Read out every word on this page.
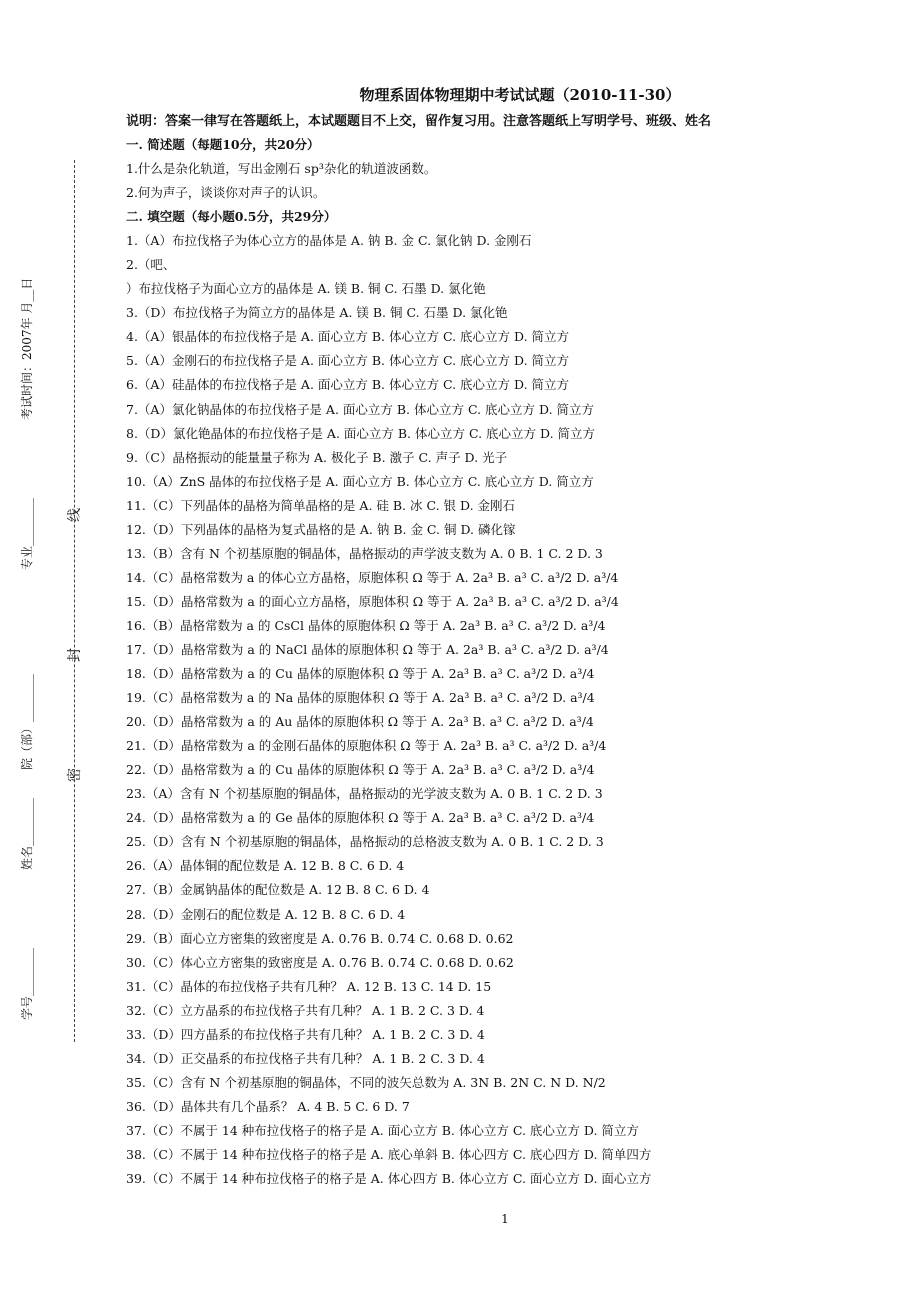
物理系固体物理期中考试试题（2010-11-30）
说明：答案一律写在答题纸上，本试题题目不上交，留作复习用。注意答题纸上写明学号、班级、姓名
考试时间：2007年 月__日
专业________
院（部）________
姓名________
学号________
线
封
密
一. 简述题（每题10分，共20分）
1.什么是杂化轨道，写出金刚石 sp³杂化的轨道波函数。
2.何为声子，谈谈你对声子的认识。
二. 填空题（每小题0.5分，共29分）
1.（A）布拉伐格子为体心立方的晶体是 A. 钠 B. 金 C. 氯化钠 D. 金刚石
2.（吧、
）布拉伐格子为面心立方的晶体是 A. 镁 B. 铜 C. 石墨 D. 氯化铯
3.（D）布拉伐格子为简立方的晶体是 A. 镁 B. 铜 C. 石墨 D. 氯化铯
4.（A）银晶体的布拉伐格子是 A. 面心立方 B. 体心立方 C. 底心立方 D. 简立方
5.（A）金刚石的布拉伐格子是 A. 面心立方 B. 体心立方 C. 底心立方 D. 简立方
6.（A）硅晶体的布拉伐格子是 A. 面心立方 B. 体心立方 C. 底心立方 D. 简立方
7.（A）氯化钠晶体的布拉伐格子是 A. 面心立方 B. 体心立方 C. 底心立方 D. 简立方
8.（D）氯化铯晶体的布拉伐格子是 A. 面心立方 B. 体心立方 C. 底心立方 D. 简立方
9.（C）晶格振动的能量量子称为 A. 极化子 B. 激子 C. 声子 D. 光子
10.（A）ZnS 晶体的布拉伐格子是 A. 面心立方 B. 体心立方 C. 底心立方 D. 简立方
11.（C）下列晶体的晶格为简单晶格的是 A. 硅 B. 冰 C. 银 D. 金刚石
12.（D）下列晶体的晶格为复式晶格的是 A. 钠 B. 金 C. 铜 D. 磷化镓
13.（B）含有 N 个初基原胞的铜晶体，晶格振动的声学波支数为 A. 0 B. 1 C. 2 D. 3
14.（C）晶格常数为 a 的体心立方晶格，原胞体积 Ω 等于 A. 2a³ B. a³ C. a³/2 D. a³/4
15.（D）晶格常数为 a 的面心立方晶格，原胞体积 Ω 等于 A. 2a³ B. a³ C. a³/2 D. a³/4
16.（B）晶格常数为 a 的 CsCl 晶体的原胞体积 Ω 等于 A. 2a³ B. a³ C. a³/2 D. a³/4
17.（D）晶格常数为 a 的 NaCl 晶体的原胞体积 Ω 等于 A. 2a³ B. a³ C. a³/2 D. a³/4
18.（D）晶格常数为 a 的 Cu 晶体的原胞体积 Ω 等于 A. 2a³ B. a³ C. a³/2 D. a³/4
19.（C）晶格常数为 a 的 Na 晶体的原胞体积 Ω 等于 A. 2a³ B. a³ C. a³/2 D. a³/4
20.（D）晶格常数为 a 的 Au 晶体的原胞体积 Ω 等于 A. 2a³ B. a³ C. a³/2 D. a³/4
21.（D）晶格常数为 a 的金刚石晶体的原胞体积 Ω 等于 A. 2a³ B. a³ C. a³/2 D. a³/4
22.（D）晶格常数为 a 的 Cu 晶体的原胞体积 Ω 等于 A. 2a³ B. a³ C. a³/2 D. a³/4
23.（A）含有 N 个初基原胞的铜晶体，晶格振动的光学波支数为 A. 0 B. 1 C. 2 D. 3
24.（D）晶格常数为 a 的 Ge 晶体的原胞体积 Ω 等于 A. 2a³ B. a³ C. a³/2 D. a³/4
25.（D）含有 N 个初基原胞的铜晶体，晶格振动的总格波支数为 A. 0 B. 1 C. 2 D. 3
26.（A）晶体铜的配位数是 A. 12 B. 8 C. 6 D. 4
27.（B）金属钠晶体的配位数是 A. 12 B. 8 C. 6 D. 4
28.（D）金刚石的配位数是 A. 12 B. 8 C. 6 D. 4
29.（B）面心立方密集的致密度是 A. 0.76 B. 0.74 C. 0.68 D. 0.62
30.（C）体心立方密集的致密度是 A. 0.76 B. 0.74 C. 0.68 D. 0.62
31.（C）晶体的布拉伐格子共有几种？ A. 12 B. 13 C. 14 D. 15
32.（C）立方晶系的布拉伐格子共有几种？ A. 1 B. 2 C. 3 D. 4
33.（D）四方晶系的布拉伐格子共有几种？ A. 1 B. 2 C. 3 D. 4
34.（D）正交晶系的布拉伐格子共有几种？ A. 1 B. 2 C. 3 D. 4
35.（C）含有 N 个初基原胞的铜晶体，不同的波矢总数为 A. 3N B. 2N C. N D. N/2
36.（D）晶体共有几个晶系？ A. 4 B. 5 C. 6 D. 7
37.（C）不属于 14 种布拉伐格子的格子是 A. 面心立方 B. 体心立方 C. 底心立方 D. 简立方
38.（C）不属于 14 种布拉伐格子的格子是 A. 底心单斜 B. 体心四方 C. 底心四方 D. 简单四方
39.（C）不属于 14 种布拉伐格子的格子是 A. 体心四方 B. 体心立方 C. 面心立方 D. 面心立方
1
